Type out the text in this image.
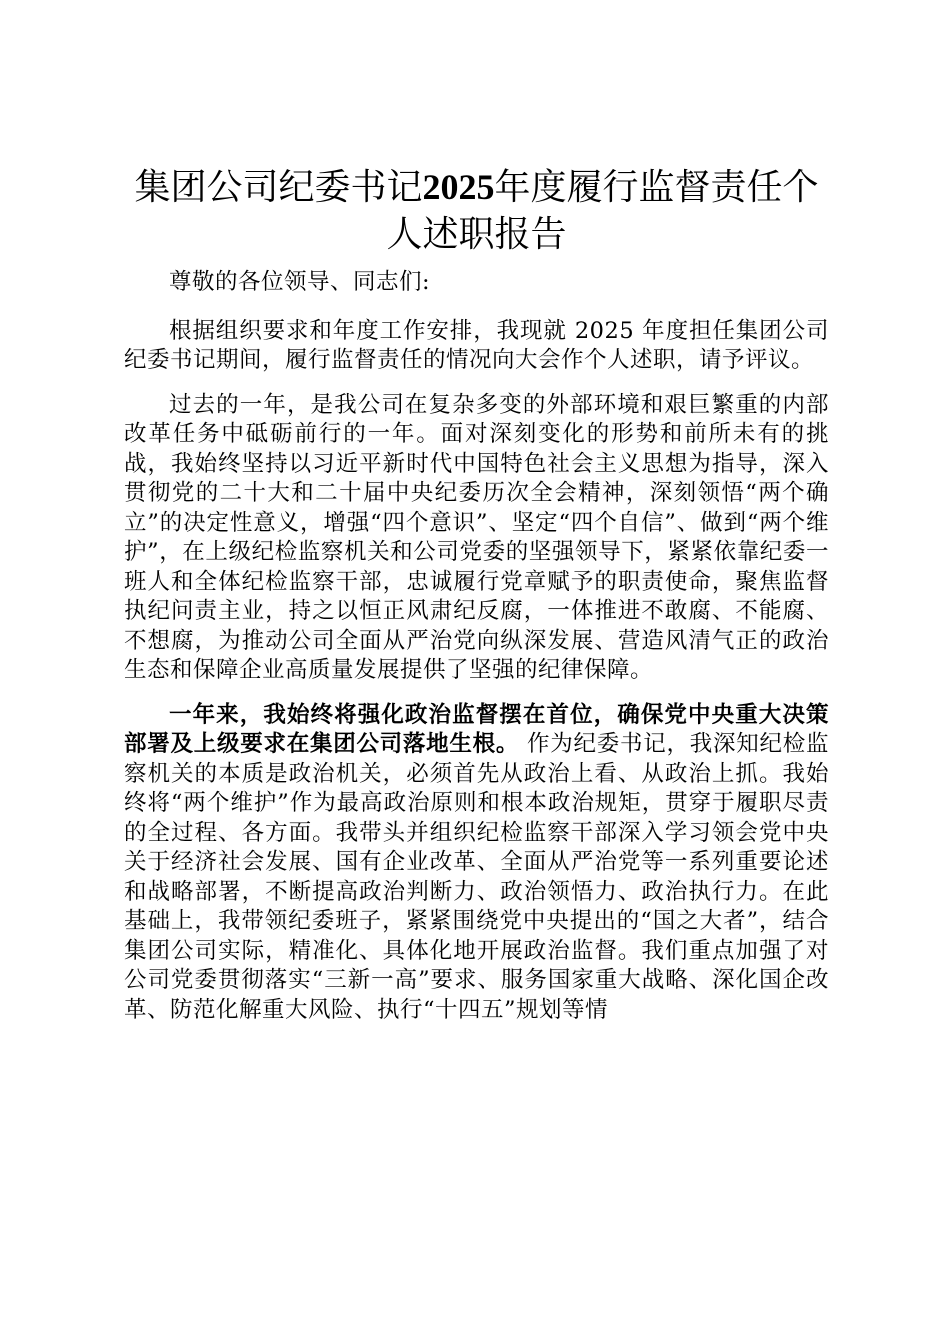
集团公司纪委书记2025年度履行监督责任个人述职报告

尊敬的各位领导、同志们:

根据组织要求和年度工作安排，我现就 2025 年度担任集团公司纪委书记期间，履行监督责任的情况向大会作个人述职，请予评议。

过去的一年，是我公司在复杂多变的外部环境和艰巨繁重的内部改革任务中砥砺前行的一年。面对深刻变化的形势和前所未有的挑战，我始终坚持以习近平新时代中国特色社会主义思想为指导，深入贯彻党的二十大和二十届中央纪委历次全会精神，深刻领悟“两个确立”的决定性意义，增强“四个意识”、坚定“四个自信”、做到“两个维护”，在上级纪检监察机关和公司党委的坚强领导下，紧紧依靠纪委一班人和全体纪检监察干部，忠诚履行党章赋予的职责使命，聚焦监督执纪问责主业，持之以恒正风肃纪反腐，一体推进不敢腐、不能腐、不想腐，为推动公司全面从严治党向纵深发展、营造风清气正的政治生态和保障企业高质量发展提供了坚强的纪律保障。

一年来，我始终将强化政治监督摆在首位，确保党中央重大决策部署及上级要求在集团公司落地生根。 作为纪委书记，我深知纪检监察机关的本质是政治机关，必须首先从政治上看、从政治上抓。我始终将“两个维护”作为最高政治原则和根本政治规矩，贯穿于履职尽责的全过程、各方面。我带头并组织纪检监察干部深入学习领会党中央关于经济社会发展、国有企业改革、全面从严治党等一系列重要论述和战略部署，不断提高政治判断力、政治领悟力、政治执行力。在此基础上，我带领纪委班子，紧紧围绕党中央提出的“国之大者”，结合集团公司实际，精准化、具体化地开展政治监督。我们重点加强了对公司党委贯彻落实“三新一高”要求、服务国家重大战略、深化国企改革、防范化解重大风险、执行“十四五”规划等情
